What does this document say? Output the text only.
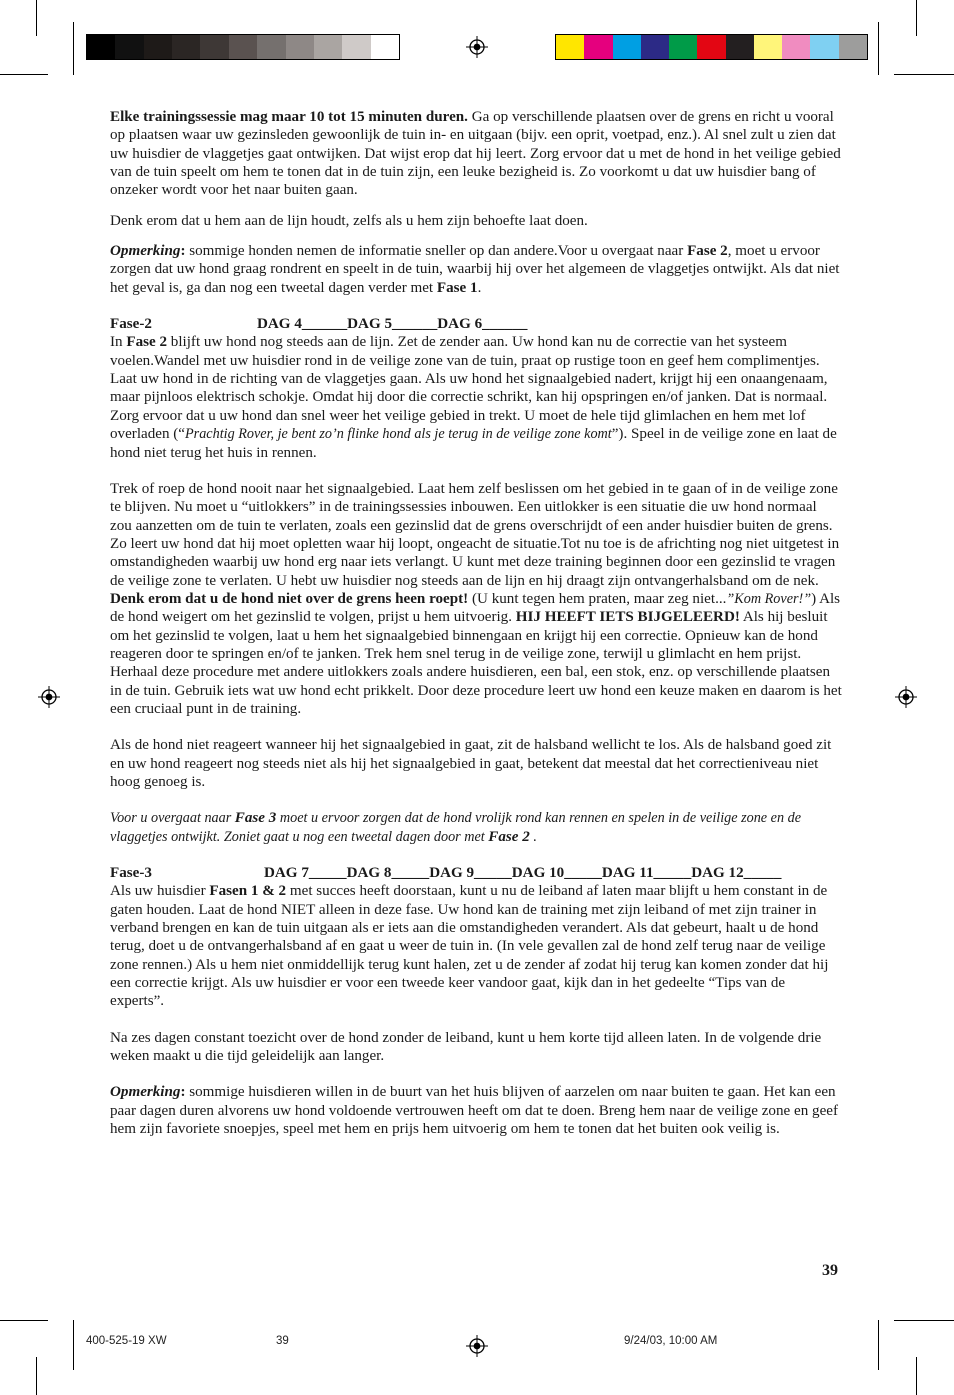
Elke trainingssessie mag maar 10 tot 15 minuten duren. Ga op verschillende plaatsen over de grens en richt u vooral op plaatsen waar uw gezinsleden gewoonlijk de tuin in- en uitgaan (bijv. een oprit, voetpad, enz.). Al snel zult u zien dat uw huisdier de vlaggetjes gaat ontwijken. Dat wijst erop dat hij leert. Zorg ervoor dat u met de hond in het veilige gebied van de tuin speelt om hem te tonen dat in de tuin zijn, een leuke bezigheid is. Zo voorkomt u dat uw huisdier bang of onzeker wordt voor het naar buiten gaan.

Denk erom dat u hem aan de lijn houdt, zelfs als u hem zijn behoefte laat doen.

Opmerking: sommige honden nemen de informatie sneller op dan andere.Voor u overgaat naar Fase 2, moet u ervoor zorgen dat uw hond graag rondrent en speelt in de tuin, waarbij hij over het algemeen de vlaggetjes ontwijkt. Als dat niet het geval is, ga dan nog een tweetal dagen verder met Fase 1.

Fase-2	DAG 4______DAG 5______DAG 6______

In Fase 2 blijft uw hond nog steeds aan de lijn. Zet de zender aan. Uw hond kan nu de correctie van het systeem voelen.Wandel met uw huisdier rond in de veilige zone van de tuin, praat op rustige toon en geef hem complimentjes. Laat uw hond in de richting van de vlaggetjes gaan. Als uw hond het signaalgebied nadert, krijgt hij een onaangenaam, maar pijnloos elektrisch schokje. Omdat hij door die correctie schrikt, kan hij opspringen en/of janken. Dat is normaal. Zorg ervoor dat u uw hond dan snel weer het veilige gebied in trekt. U moet de hele tijd glimlachen en hem met lof overladen (“Prachtig Rover, je bent zo’n flinke hond als je terug in de veilige zone komt”). Speel in de veilige zone en laat de hond niet terug het huis in rennen.

Trek of roep de hond nooit naar het signaalgebied. Laat hem zelf beslissen om het gebied in te gaan of in de veilige zone te blijven. Nu moet u “uitlokkers” in de trainingssessies inbouwen. Een uitlokker is een situatie die uw hond normaal zou aanzetten om de tuin te verlaten, zoals een gezinslid dat de grens overschrijdt of een ander huisdier buiten de grens. Zo leert uw hond dat hij moet opletten waar hij loopt, ongeacht de situatie.Tot nu toe is de africhting nog niet uitgetest in omstandigheden waarbij uw hond erg naar iets verlangt. U kunt met deze training beginnen door een gezinslid te vragen de veilige zone te verlaten. U hebt uw huisdier nog steeds aan de lijn en hij draagt zijn ontvangerhalsband om de nek. Denk erom dat u de hond niet over de grens heen roept! (U kunt tegen hem praten, maar zeg niet...”Kom Rover!”) Als de hond weigert om het gezinslid te volgen, prijst u hem uitvoerig. HIJ HEEFT IETS BIJGELEERD! Als hij besluit om het gezinslid te volgen, laat u hem het signaalgebied binnengaan en krijgt hij een correctie. Opnieuw kan de hond reageren door te springen en/of te janken. Trek hem snel terug in de veilige zone, terwijl u glimlacht en hem prijst. Herhaal deze procedure met andere uitlokkers zoals andere huisdieren, een bal, een stok, enz. op verschillende plaatsen in de tuin. Gebruik iets wat uw hond echt prikkelt. Door deze procedure leert uw hond een keuze maken en daarom is het een cruciaal punt in de training.

Als de hond niet reageert wanneer hij het signaalgebied in gaat, zit de halsband wellicht te los. Als de halsband goed zit en uw hond reageert nog steeds niet als hij het signaalgebied in gaat, betekent dat meestal dat het correctieniveau niet hoog genoeg is.

Voor u overgaat naar Fase 3 moet u ervoor zorgen dat de hond vrolijk rond kan rennen en spelen in de veilige zone en de vlaggetjes ontwijkt. Zoniet gaat u nog een tweetal dagen door met Fase 2 .

Fase-3	DAG 7_____DAG 8_____DAG 9_____DAG 10_____DAG 11_____DAG 12_____

Als uw huisdier Fasen 1 & 2 met succes heeft doorstaan, kunt u nu de leiband af laten maar blijft u hem constant in de gaten houden. Laat de hond NIET alleen in deze fase. Uw hond kan de training met zijn leiband of met zijn trainer in verband brengen en kan de tuin uitgaan als er iets aan die omstandigheden verandert. Als dat gebeurt, haalt u de hond terug, doet u de ontvangerhalsband af en gaat u weer de tuin in. (In vele gevallen zal de hond zelf terug naar de veilige zone rennen.) Als u hem niet onmiddellijk terug kunt halen, zet u de zender af zodat hij terug kan komen zonder dat hij een correctie krijgt. Als uw huisdier er voor een tweede keer vandoor gaat, kijk dan in het gedeelte “Tips van de experts”.

Na zes dagen constant toezicht over de hond zonder de leiband, kunt u hem korte tijd alleen laten. In de volgende drie weken maakt u die tijd geleidelijk aan langer.

Opmerking: sommige huisdieren willen in de buurt van het huis blijven of aarzelen om naar buiten te gaan. Het kan een paar dagen duren alvorens uw hond voldoende vertrouwen heeft om dat te doen. Breng hem naar de veilige zone en geef hem zijn favoriete snoepjes, speel met hem en prijs hem uitvoerig om hem te tonen dat het buiten ook veilig is.

39
400-525-19 XW	39	9/24/03, 10:00 AM
